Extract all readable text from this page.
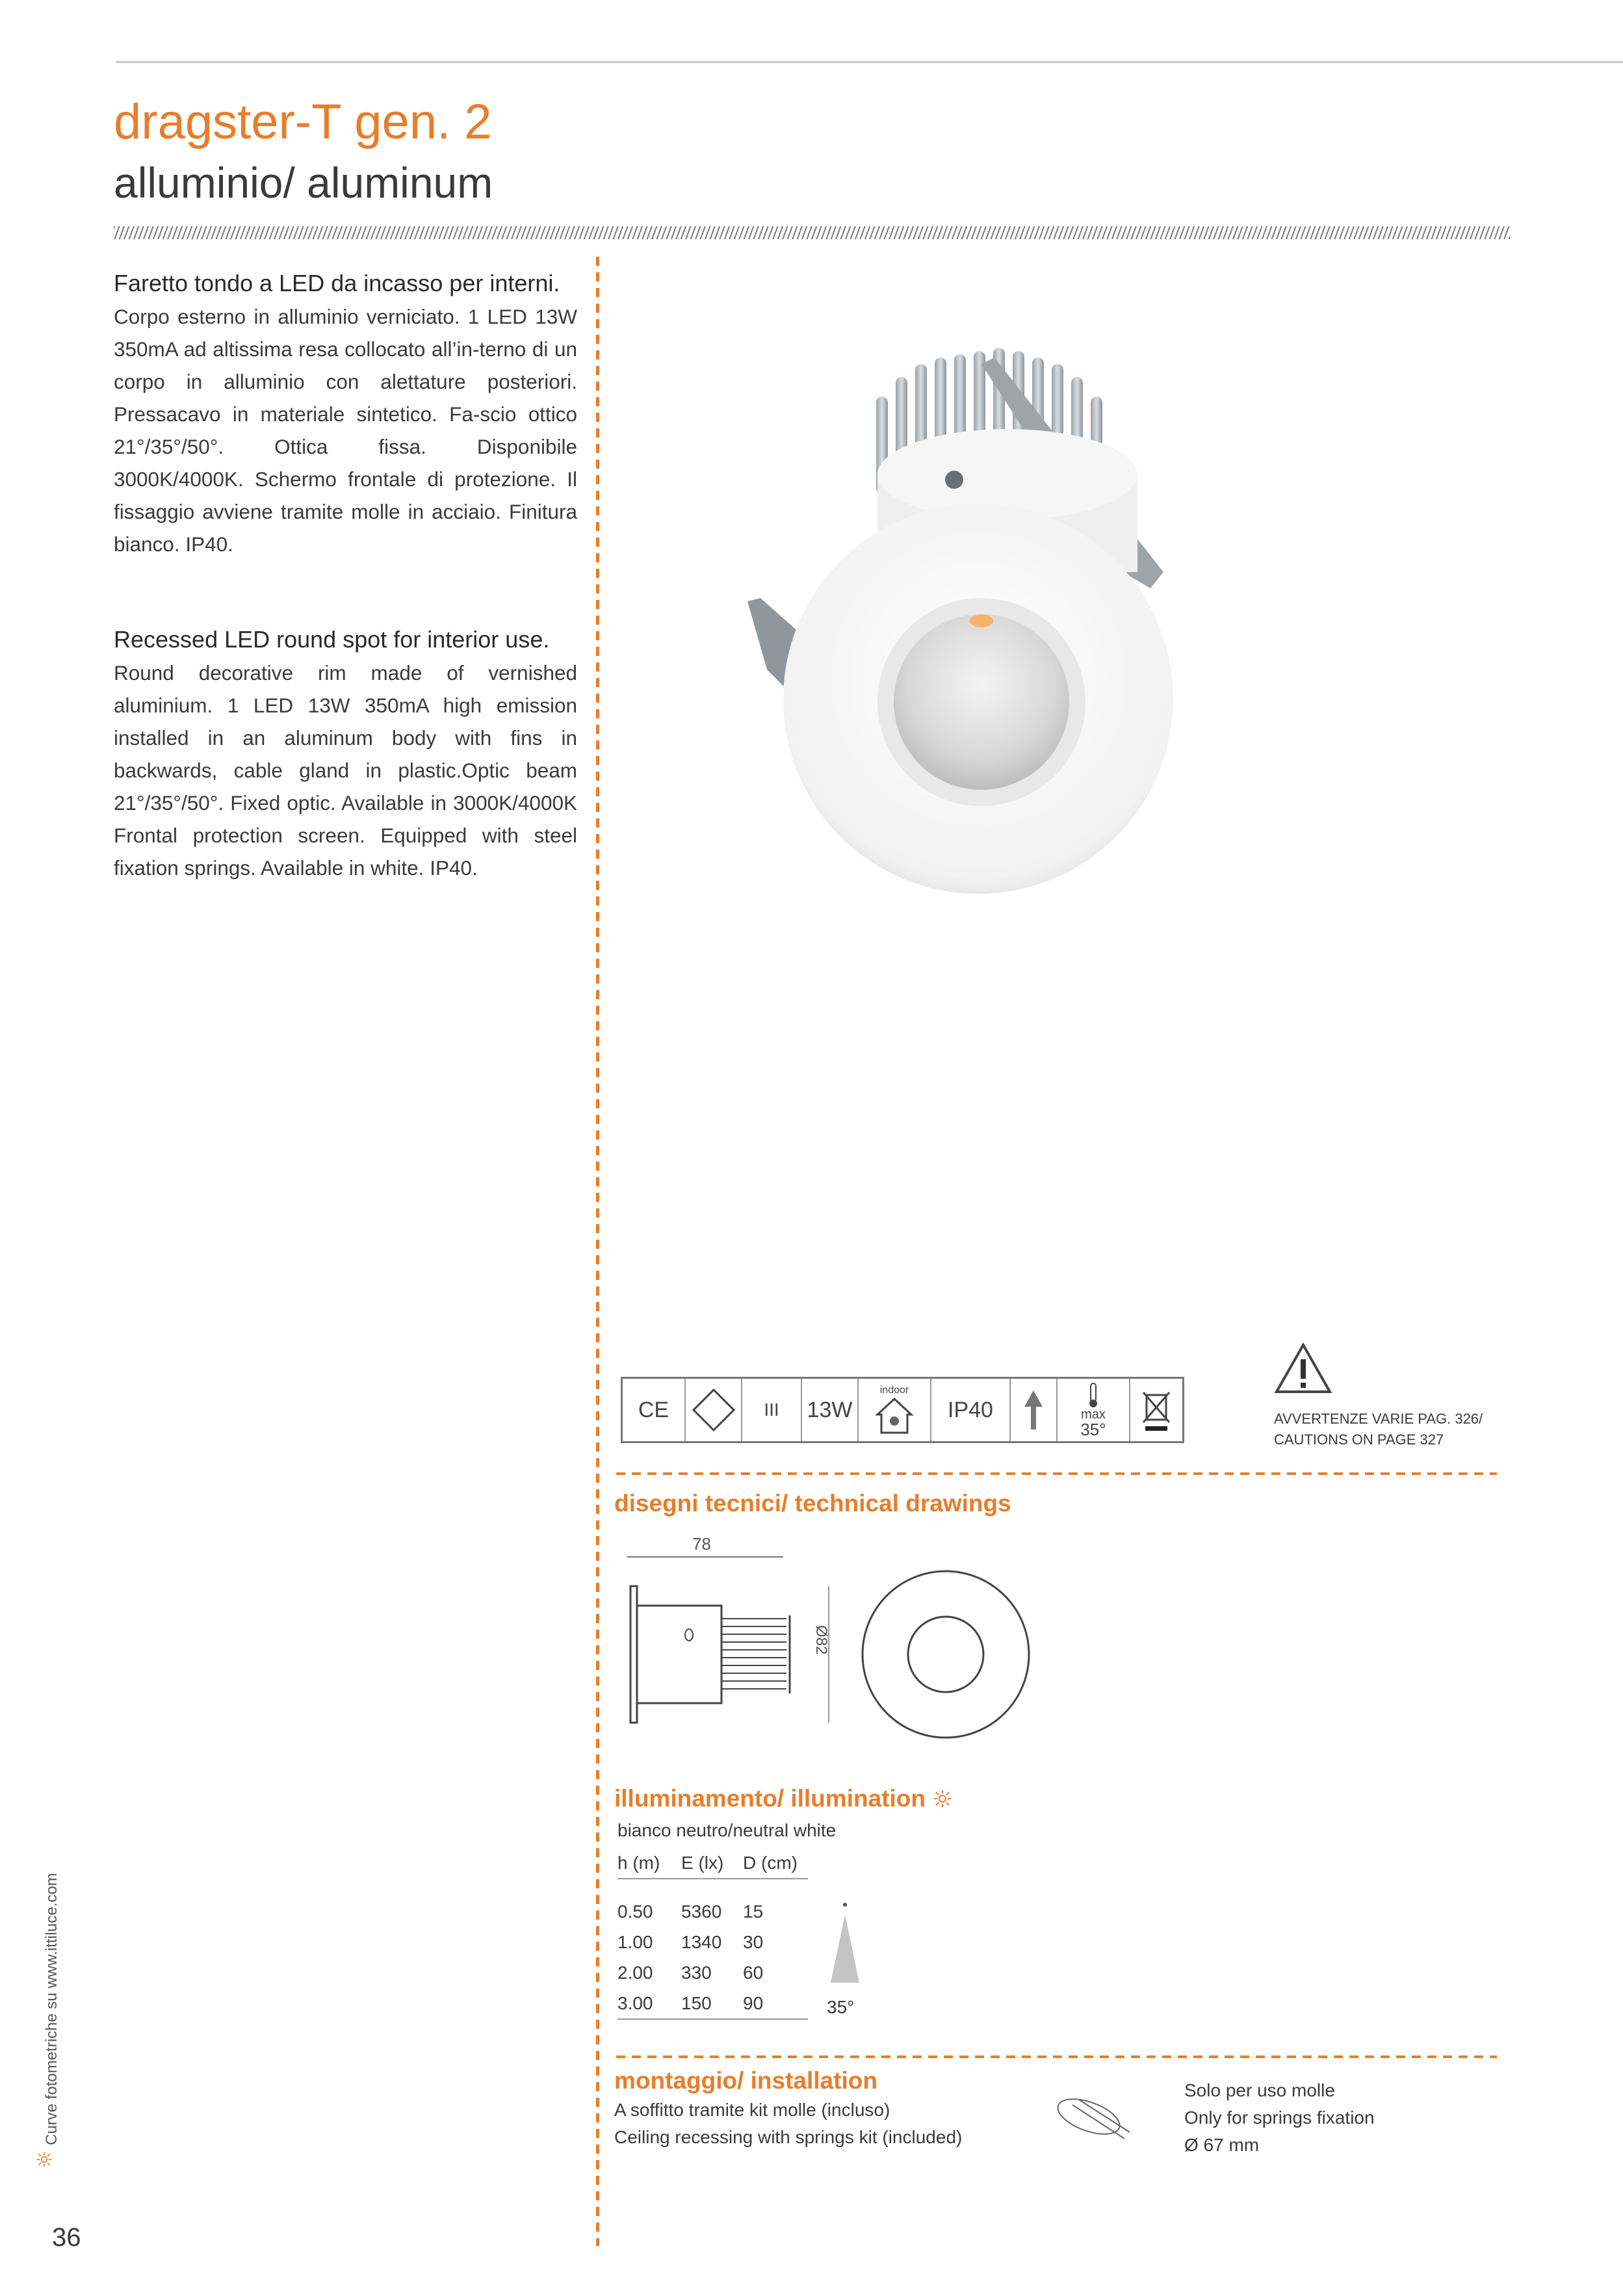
dragster-T gen. 2
alluminio/ aluminum
Faretto tondo a LED da incasso per interni.
Corpo esterno in alluminio verniciato. 1 LED 13W 350mA ad altissima resa collocato all’in-terno di un corpo in alluminio con alettature posteriori. Pressacavo in materiale sintetico. Fa-scio ottico 21°/35°/50°. Ottica fissa. Disponibile 3000K/4000K. Schermo frontale di protezione. Il fissaggio avviene tramite molle in acciaio. Finitura bianco. IP40.
Recessed LED round spot for interior use.
Round decorative rim made of vernished aluminium. 1 LED 13W 350mA high emission installed in an aluminum body with fins in backwards, cable gland in plastic.Optic beam 21°/35°/50°. Fixed optic. Available in 3000K/4000K Frontal protection screen. Equipped with steel fixation springs. Available in white. IP40.
CE	III	13W
indoor
IP40	max
35°
AVVERTENZE VARIE PAG. 326/
CAUTIONS ON PAGE 327
disegni tecnici/ technical drawings
78
Ø82
illuminamento/ illumination
bianco neutro/neutral white
h (m)	E (lx)	D (cm)

0.50	5360	15
1.00	1340	30
2.00	330	60
3.00	150	90	35°
montaggio/ installation
A soffitto tramite kit molle (incluso)
Ceiling recessing with springs kit (included)
Solo per uso molle
Only for springs fixation
Ø 67 mm
Curve fotometriche su www.ittiluce.com
36
